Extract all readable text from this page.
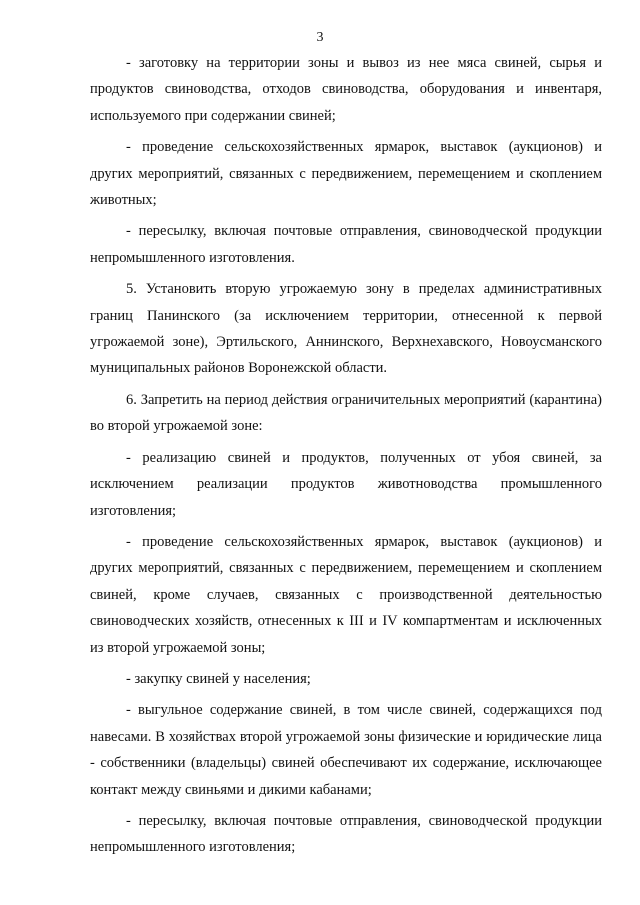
3

- заготовку на территории зоны и вывоз из нее мяса свиней, сырья и продуктов свиноводства, отходов свиноводства, оборудования и инвентаря, используемого при содержании свиней;

- проведение сельскохозяйственных ярмарок, выставок (аукционов) и других мероприятий, связанных с передвижением, перемещением и скоплением животных;

- пересылку, включая почтовые отправления, свиноводческой продукции непромышленного изготовления.

5. Установить вторую угрожаемую зону в пределах административных границ Панинского (за исключением территории, отнесенной к первой угрожаемой зоне), Эртильского, Аннинского, Верхнехавского, Новоусманского муниципальных районов Воронежской области.

6. Запретить на период действия ограничительных мероприятий (карантина) во второй угрожаемой зоне:

- реализацию свиней и продуктов, полученных от убоя свиней, за исключением реализации продуктов животноводства промышленного изготовления;

- проведение сельскохозяйственных ярмарок, выставок (аукционов) и других мероприятий, связанных с передвижением, перемещением и скоплением свиней, кроме случаев, связанных с производственной деятельностью свиноводческих хозяйств, отнесенных к III и IV компартментам и исключенных из второй угрожаемой зоны;

- закупку свиней у населения;

- выгульное содержание свиней, в том числе свиней, содержащихся под навесами. В хозяйствах второй угрожаемой зоны физические и юридические лица - собственники (владельцы) свиней обеспечивают их содержание, исключающее контакт между свиньями и дикими кабанами;

- пересылку, включая почтовые отправления, свиноводческой продукции непромышленного изготовления;
